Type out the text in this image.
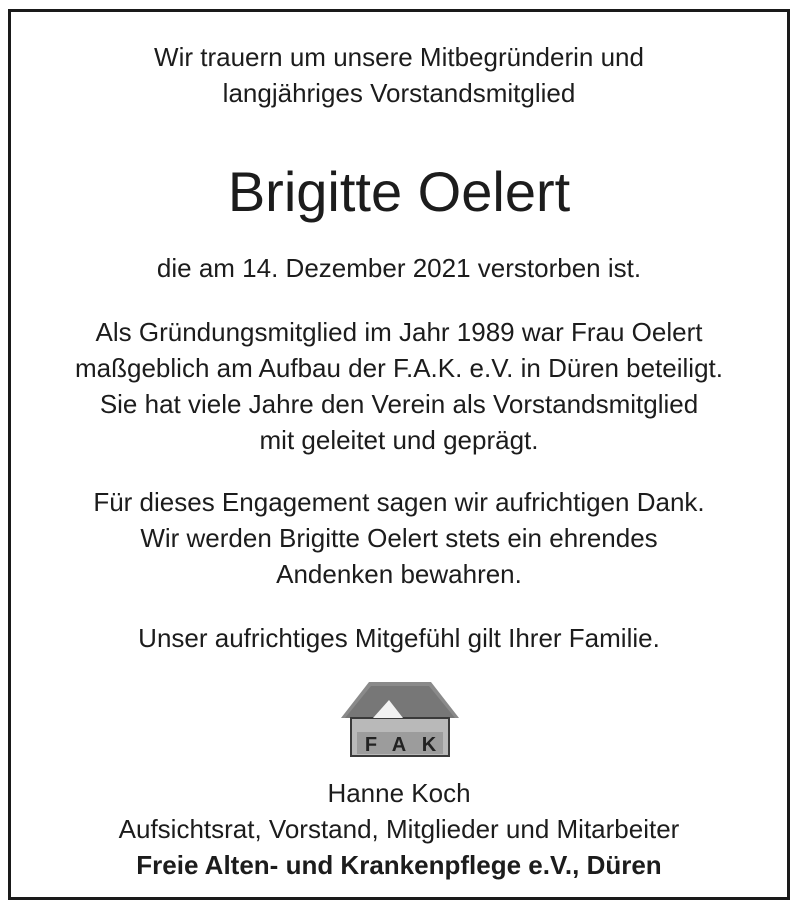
Wir trauern um unsere Mitbegründerin und
langjähriges Vorstandsmitglied
Brigitte Oelert
die am 14. Dezember 2021 verstorben ist.
Als Gründungsmitglied im Jahr 1989 war Frau Oelert
maßgeblich am Aufbau der F.A.K. e.V. in Düren beteiligt.
Sie hat viele Jahre den Verein als Vorstandsmitglied
mit geleitet und geprägt.
Für dieses Engagement sagen wir aufrichtigen Dank.
Wir werden Brigitte Oelert stets ein ehrendes
Andenken bewahren.
Unser aufrichtiges Mitgefühl gilt Ihrer Familie.
F A K
Hanne Koch
Aufsichtsrat, Vorstand, Mitglieder und Mitarbeiter
Freie Alten- und Krankenpflege e.V., Düren
